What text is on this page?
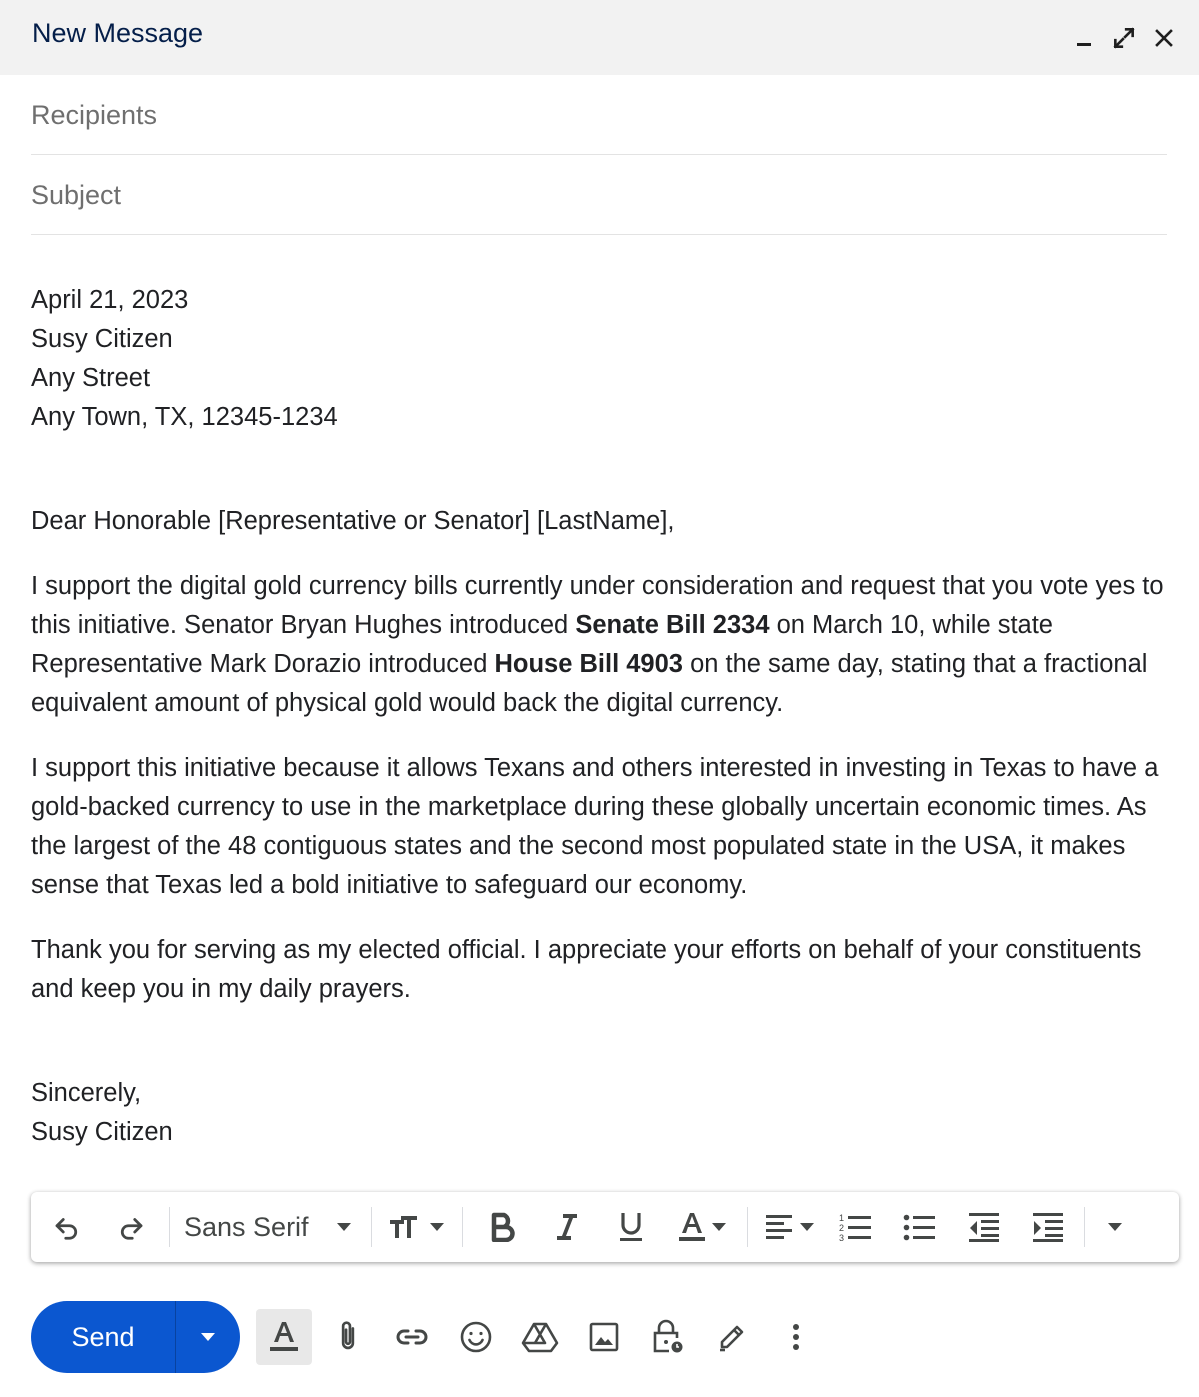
New Message
Recipients
Subject
April 21, 2023
Susy Citizen
Any Street
Any Town, TX, 12345-1234

Dear Honorable [Representative or Senator] [LastName],

I support the digital gold currency bills currently under consideration and request that you vote yes to this initiative. Senator Bryan Hughes introduced Senate Bill 2334 on March 10, while state Representative Mark Dorazio introduced House Bill 4903 on the same day, stating that a fractional equivalent amount of physical gold would back the digital currency.

I support this initiative because it allows Texans and others interested in investing in Texas to have a gold-backed currency to use in the marketplace during these globally uncertain economic times. As the largest of the 48 contiguous states and the second most populated state in the USA, it makes sense that Texas led a bold initiative to safeguard our economy.

Thank you for serving as my elected official. I appreciate your efforts on behalf of your constituents and keep you in my daily prayers.

Sincerely,
Susy Citizen
Sans Serif	1
2
3
Send
